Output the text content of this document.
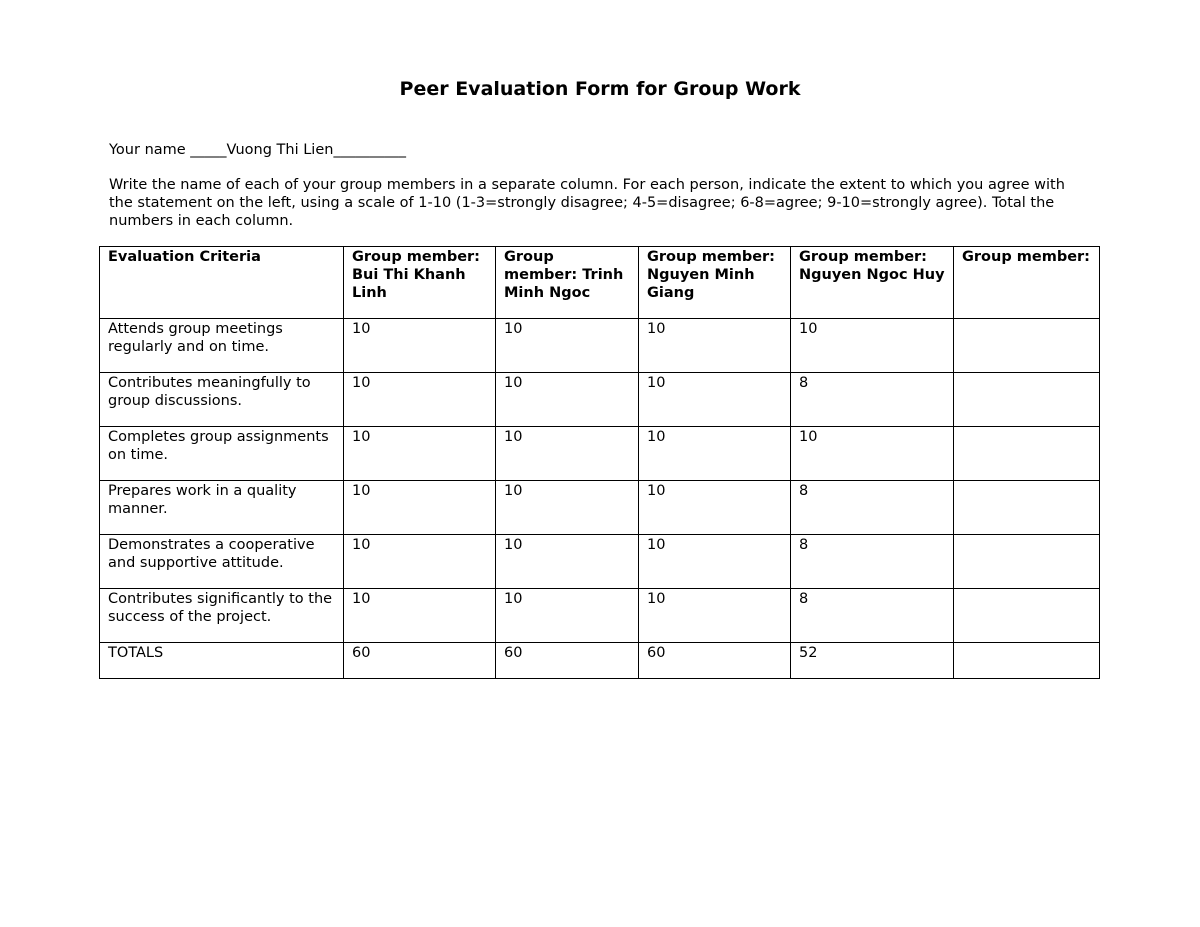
Peer Evaluation Form for Group Work
Your name _____Vuong Thi Lien__________
Write the name of each of your group members in a separate column. For each person, indicate the extent to which you agree with the statement on the left, using a scale of 1-10 (1-3=strongly disagree; 4-5=disagree; 6-8=agree; 9-10=strongly agree). Total the numbers in each column.
Evaluation Criteria	Group member: Bui Thi Khanh Linh	Group member: Trinh Minh Ngoc	Group member: Nguyen Minh Giang	Group member: Nguyen Ngoc Huy	Group member:
Attends group meetings regularly and on time.	10	10	10	10	
Contributes meaningfully to group discussions.	10	10	10	8	
Completes group assignments on time.	10	10	10	10	
Prepares work in a quality manner.	10	10	10	8	
Demonstrates a cooperative and supportive attitude.	10	10	10	8	
Contributes significantly to the success of the project.	10	10	10	8	
TOTALS	60	60	60	52	
